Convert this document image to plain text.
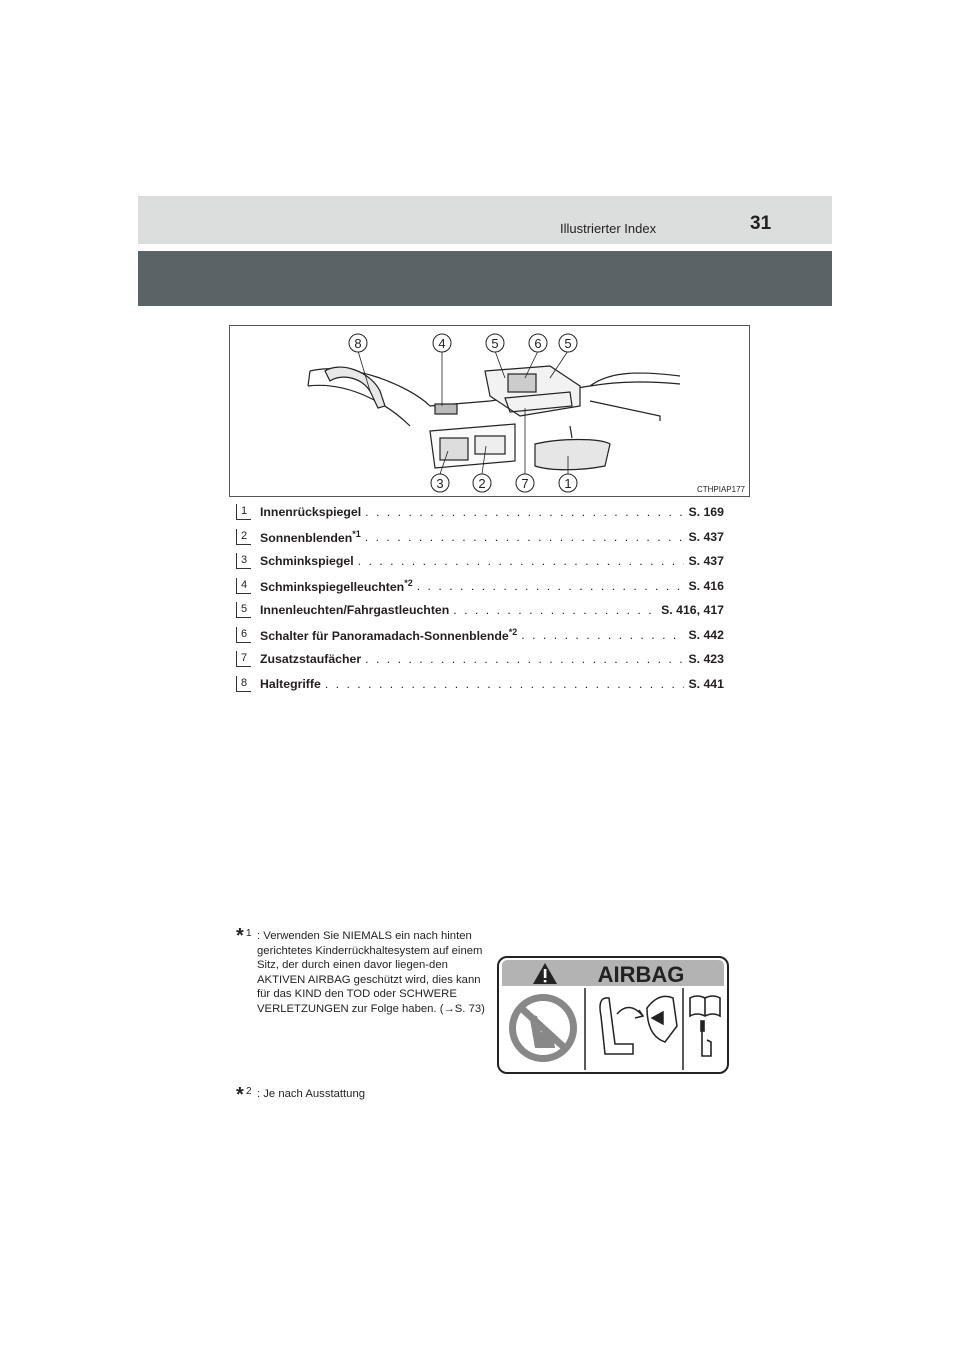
Illustrierter Index	31
8	4	5	6 5
3	2	7	1	CTHPIAP177
1	Innenrückspiegel . . .	S. 169
2	Sonnenblenden$^{*1}$ . . .	S. 437
3	Schminkspiegel . . .	S. 437
4	Schminkspiegelleuchten$^{*2}$ . . .	S. 416
5	Innenleuchten/Fahrgastleuchten . . .	S. 416, 417
6	Schalter für Panoramadach-Sonnenblende$^{*2}$ . . .	S. 442
7	Zusatzstaufächer . . .	S. 423
8	Haltegriffe . . .	S. 441
* 1 : Verwenden Sie NIEMALS ein nach hinten gerichtetes Kinderrückhaltesystem auf einem Sitz, der durch einen davor liegen-den AKTIVEN AIRBAG geschützt wird, dies kann für das KIND den TOD oder SCHWERE VERLETZUNGEN zur Folge haben. (→S. 73)
* 2 : Je nach Ausstattung
AIRBAG
